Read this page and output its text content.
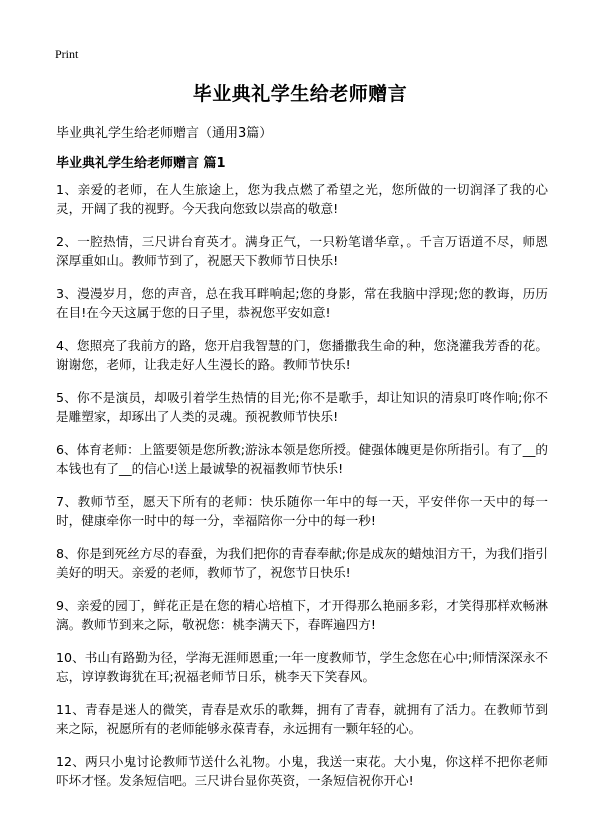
Print
毕业典礼学生给老师赠言
毕业典礼学生给老师赠言（通用3篇）
毕业典礼学生给老师赠言 篇1

1、亲爱的老师，在人生旅途上，您为我点燃了希望之光，您所做的一切润泽了我的心灵，开阔了我的视野。今天我向您致以崇高的敬意!

2、一腔热情，三尺讲台育英才。满身正气，一只粉笔谱华章，。千言万语道不尽，师恩深厚重如山。教师节到了，祝愿天下教师节日快乐!

3、漫漫岁月，您的声音，总在我耳畔响起;您的身影，常在我脑中浮现;您的教诲，历历在目!在今天这属于您的日子里，恭祝您平安如意!

4、您照亮了我前方的路，您开启我智慧的门，您播撒我生命的种，您浇灌我芳香的花。谢谢您，老师，让我走好人生漫长的路。教师节快乐!

5、你不是演员，却吸引着学生热情的目光;你不是歌手，却让知识的清泉叮咚作响;你不是雕塑家，却琢出了人类的灵魂。预祝教师节快乐!

6、体育老师：上篮要领是您所教;游泳本领是您所授。健强体魄更是你所指引。有了__的本钱也有了__的信心!送上最诚挚的祝福教师节快乐!

7、教师节至，愿天下所有的老师：快乐随你一年中的每一天，平安伴你一天中的每一时，健康牵你一时中的每一分，幸福陪你一分中的每一秒!

8、你是到死丝方尽的春蚕，为我们把你的青春奉献;你是成灰的蜡烛泪方干，为我们指引美好的明天。亲爱的老师，教师节了，祝您节日快乐!

9、亲爱的园丁，鲜花正是在您的精心培植下，才开得那么艳丽多彩，才笑得那样欢畅淋漓。教师节到来之际，敬祝您：桃李满天下，春晖遍四方!

10、书山有路勤为径，学海无涯师恩重;一年一度教师节，学生念您在心中;师情深深永不忘，谆谆教诲犹在耳;祝福老师节日乐，桃李天下笑春风。

11、青春是迷人的微笑，青春是欢乐的歌舞，拥有了青春，就拥有了活力。在教师节到来之际，祝愿所有的老师能够永葆青春，永远拥有一颗年轻的心。

12、两只小鬼讨论教师节送什么礼物。小鬼，我送一束花。大小鬼，你这样不把你老师吓坏才怪。发条短信吧。三尺讲台显你英资，一条短信祝你开心!
